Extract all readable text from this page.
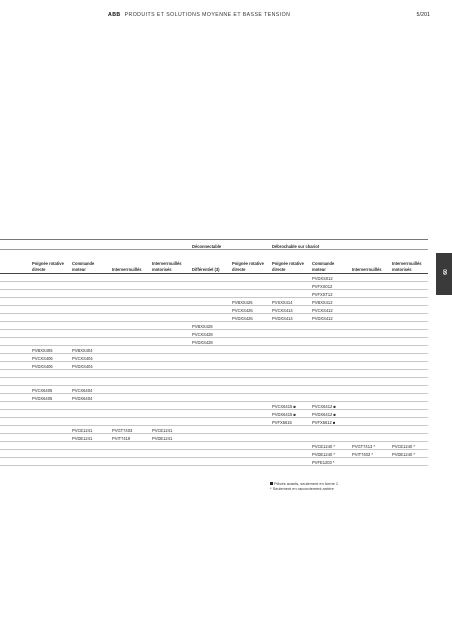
ABB PRODUITS ET SOLUTIONS MOYENNE ET BASSE TENSION	5/201
09
					Déconnectable		Débrochable sur chariot			
	Poignée rotative directe	Commande moteur	Interverrouillés	Interverrouillés motorisés	Différentiel (3)	Poignée rotative directe	Poignée rotative directe	Commande moteur	Interverrouillés	Interverrouillés motorisés
								PVDXS012		
								PVFXS012		
								PVFXST12		
						PVBXS426	PVSXS414	PVBXS412		
						PVCXS426	PVCXS414	PVCXS412		
						PVDXS426	PVDXS414	PVDXS412		
					PVBXS428					
					PVCXS428					
					PVDXS428					
	PVBXS406	PVBXS404								
	PVCXS406	PVCXS404								
	PVDXS406	PVDXS404								

	PVCX6405	PVCX6404								
	PVDX6405	PVDX6404								
							PVCX6415 ■	PVCX6412 ■		
							PVDX6415 ■	PVDX6412 ■		
							PVFX6615	PVFX6612 ■		
		PVCE1241	PVGT7403	PVCE1241						
		PVDE1241	PVIT7419	PVDE1241						
								PVCE1240 *	PVGT7413 *	PVCE1240 *
								PVDE1240 *	PVIT7403 *	PVDE1240 *
								PVFE1203 *		
Pièces avants, seulement en forme 1
* Seulement en raccordement arrière
